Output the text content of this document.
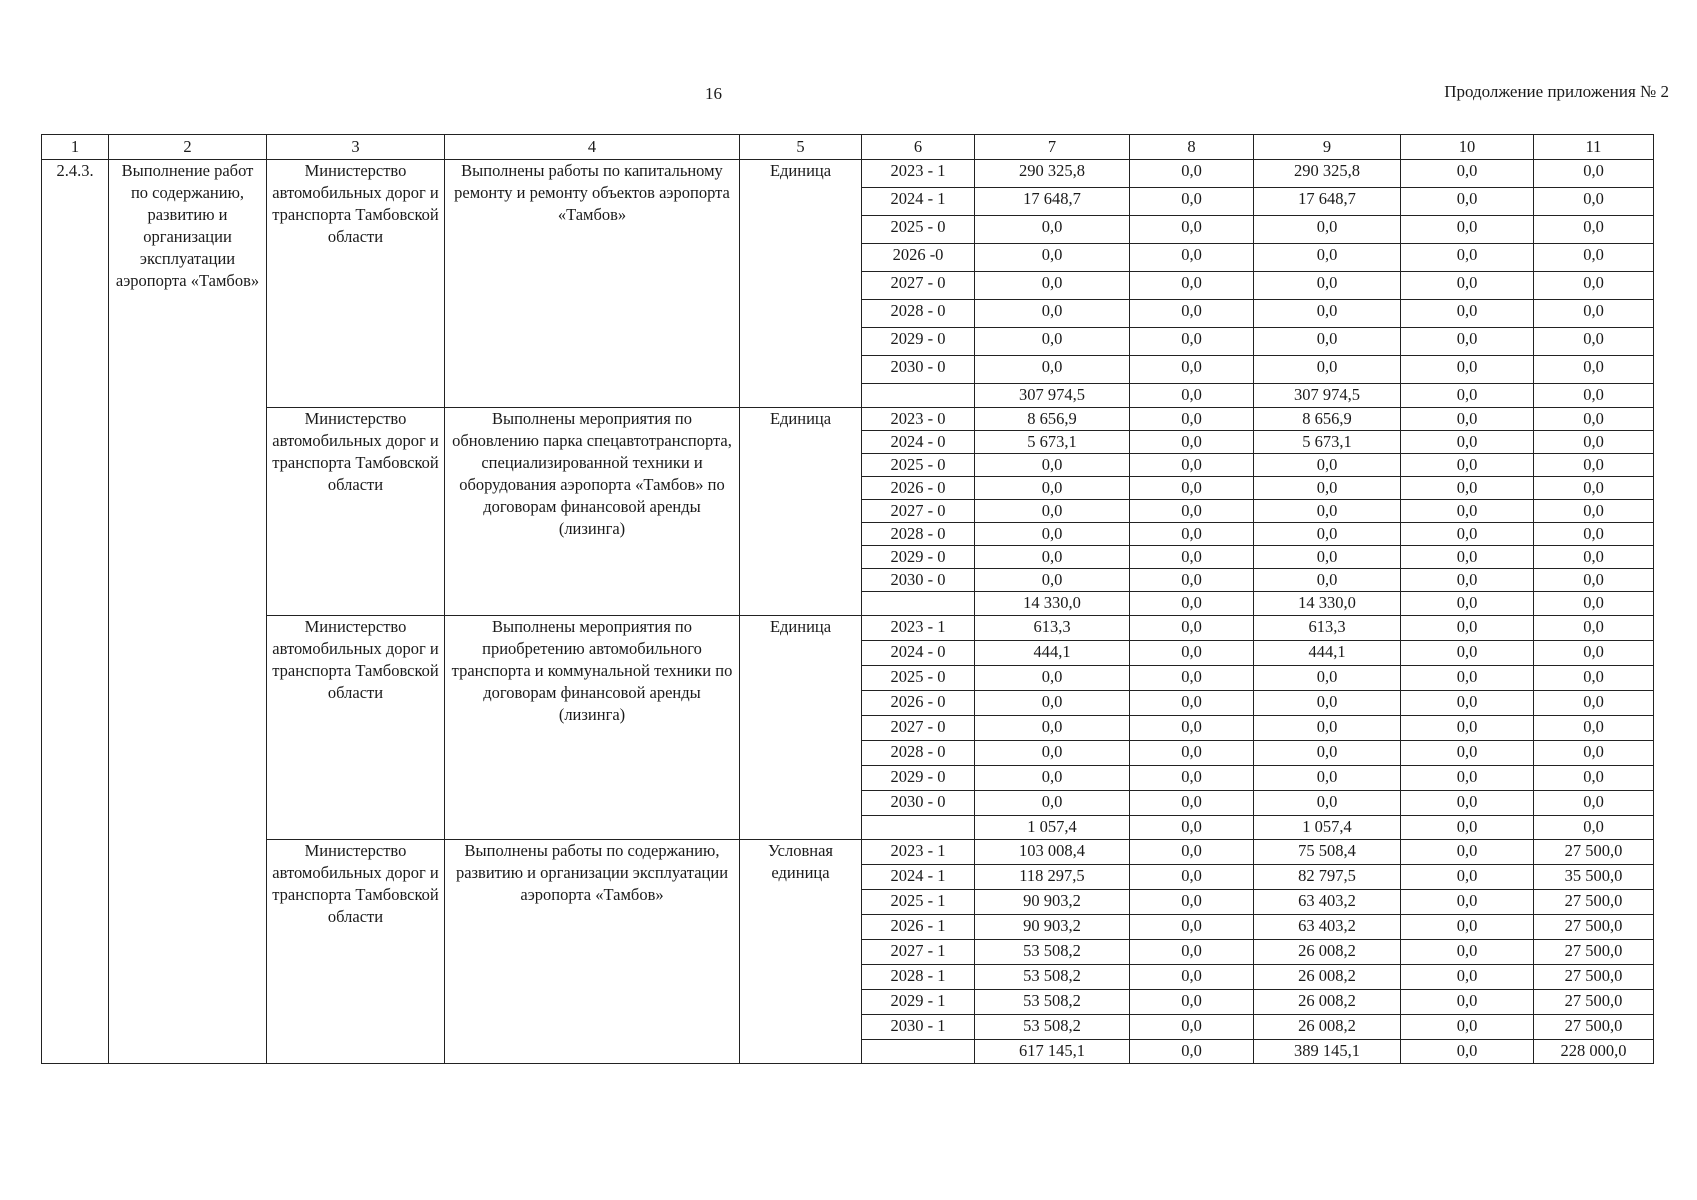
16	Продолжение приложения № 2
1	2	3	4	5	6	7	8	9	10	11
2.4.3.	Выполнение работ по содержанию, развитию и организации эксплуатации аэропорта «Тамбов»	Министерство автомобильных дорог и транспорта Тамбовской области	Выполнены работы по капитальному ремонту и ремонту объектов аэропорта «Тамбов»	Единица	2023 - 1	290 325,8	0,0	290 325,8	0,0	0,0
					2024 - 1	17 648,7	0,0	17 648,7	0,0	0,0
					2025 - 0	0,0	0,0	0,0	0,0	0,0
					2026 -0	0,0	0,0	0,0	0,0	0,0
					2027 - 0	0,0	0,0	0,0	0,0	0,0
					2028 - 0	0,0	0,0	0,0	0,0	0,0
					2029 - 0	0,0	0,0	0,0	0,0	0,0
					2030 - 0	0,0	0,0	0,0	0,0	0,0
						307 974,5	0,0	307 974,5	0,0	0,0
		Министерство автомобильных дорог и транспорта Тамбовской области	Выполнены мероприятия по обновлению парка спецавтотранспорта, специализированной техники и оборудования аэропорта «Тамбов» по договорам финансовой аренды (лизинга)	Единица	2023 - 0	8 656,9	0,0	8 656,9	0,0	0,0
					2024 - 0	5 673,1	0,0	5 673,1	0,0	0,0
					2025 - 0	0,0	0,0	0,0	0,0	0,0
					2026 - 0	0,0	0,0	0,0	0,0	0,0
					2027 - 0	0,0	0,0	0,0	0,0	0,0
					2028 - 0	0,0	0,0	0,0	0,0	0,0
					2029 - 0	0,0	0,0	0,0	0,0	0,0
					2030 - 0	0,0	0,0	0,0	0,0	0,0
						14 330,0	0,0	14 330,0	0,0	0,0
		Министерство автомобильных дорог и транспорта Тамбовской области	Выполнены мероприятия по приобретению автомобильного транспорта и коммунальной техники по договорам финансовой аренды (лизинга)	Единица	2023 - 1	613,3	0,0	613,3	0,0	0,0
					2024 - 0	444,1	0,0	444,1	0,0	0,0
					2025 - 0	0,0	0,0	0,0	0,0	0,0
					2026 - 0	0,0	0,0	0,0	0,0	0,0
					2027 - 0	0,0	0,0	0,0	0,0	0,0
					2028 - 0	0,0	0,0	0,0	0,0	0,0
					2029 - 0	0,0	0,0	0,0	0,0	0,0
					2030 - 0	0,0	0,0	0,0	0,0	0,0
						1 057,4	0,0	1 057,4	0,0	0,0
		Министерство автомобильных дорог и транспорта Тамбовской области	Выполнены работы по содержанию, развитию и организации эксплуатации аэропорта «Тамбов»	Условная единица	2023 - 1	103 008,4	0,0	75 508,4	0,0	27 500,0
					2024 - 1	118 297,5	0,0	82 797,5	0,0	35 500,0
					2025 - 1	90 903,2	0,0	63 403,2	0,0	27 500,0
					2026 - 1	90 903,2	0,0	63 403,2	0,0	27 500,0
					2027 - 1	53 508,2	0,0	26 008,2	0,0	27 500,0
					2028 - 1	53 508,2	0,0	26 008,2	0,0	27 500,0
					2029 - 1	53 508,2	0,0	26 008,2	0,0	27 500,0
					2030 - 1	53 508,2	0,0	26 008,2	0,0	27 500,0
						617 145,1	0,0	389 145,1	0,0	228 000,0
